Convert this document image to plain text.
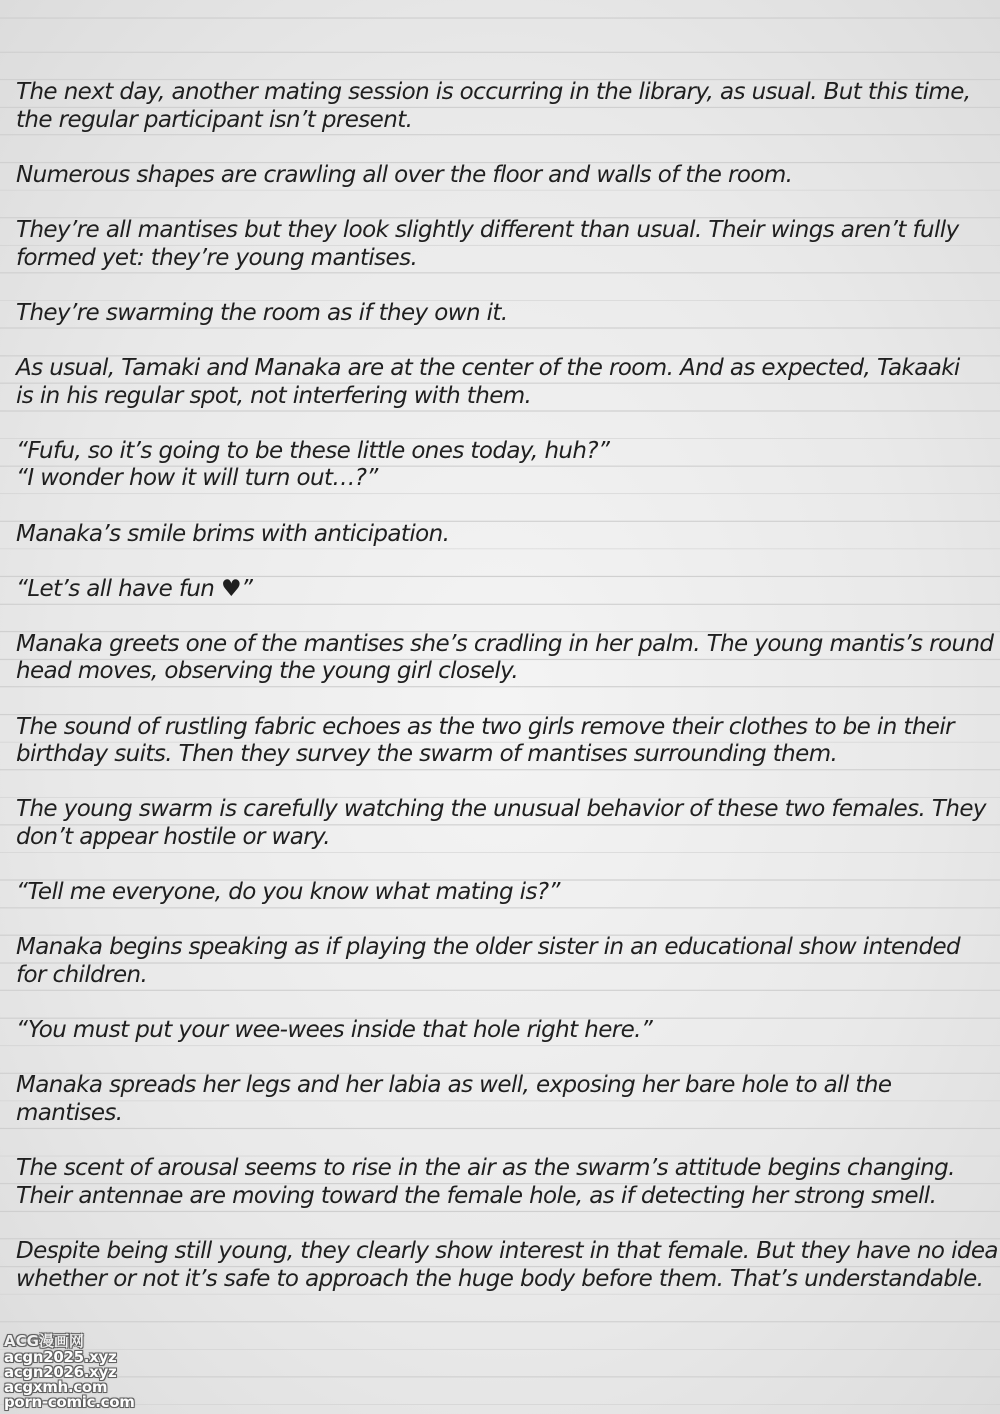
The next day, another mating session is occurring in the library, as usual. But this time,
the regular participant isn’t present.

Numerous shapes are crawling all over the floor and walls of the room.

They’re all mantises but they look slightly different than usual. Their wings aren’t fully
formed yet: they’re young mantises.

They’re swarming the room as if they own it.

As usual, Tamaki and Manaka are at the center of the room. And as expected, Takaaki
is in his regular spot, not interfering with them.

“Fufu, so it’s going to be these little ones today, huh?”
“I wonder how it will turn out…?”

Manaka’s smile brims with anticipation.

“Let’s all have fun ♥”

Manaka greets one of the mantises she’s cradling in her palm. The young mantis’s round
head moves, observing the young girl closely.

The sound of rustling fabric echoes as the two girls remove their clothes to be in their
birthday suits. Then they survey the swarm of mantises surrounding them.

The young swarm is carefully watching the unusual behavior of these two females. They
don’t appear hostile or wary.

“Tell me everyone, do you know what mating is?”

Manaka begins speaking as if playing the older sister in an educational show intended
for children.

“You must put your wee-wees inside that hole right here.”

Manaka spreads her legs and her labia as well, exposing her bare hole to all the mantises.

The scent of arousal seems to rise in the air as the swarm’s attitude begins changing.
Their antennae are moving toward the female hole, as if detecting her strong smell.

Despite being still young, they clearly show interest in that female. But they have no idea
whether or not it’s safe to approach the huge body before them. That’s understandable.

ACG漫画网
acgn2025.xyz
acgn2026.xyz
acgxmh.com
porn-comic.com
